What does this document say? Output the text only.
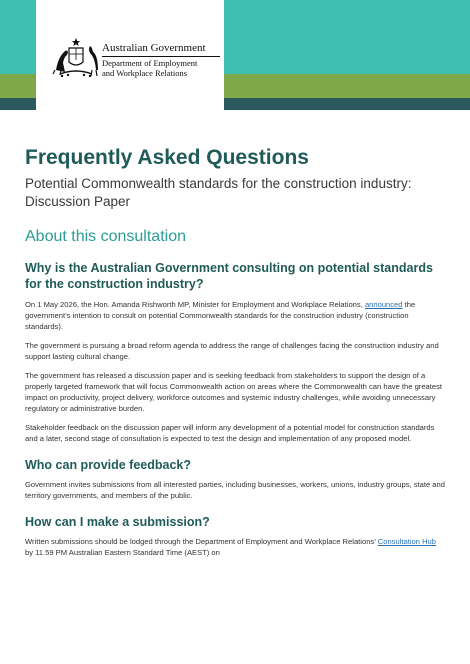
Australian Government
Department of Employment
and Workplace Relations
Frequently Asked Questions
Potential Commonwealth standards for the construction industry: Discussion Paper
About this consultation
Why is the Australian Government consulting on potential standards for the construction industry?

On 1 May 2026, the Hon. Amanda Rishworth MP, Minister for Employment and Workplace Relations, announced the government’s intention to consult on potential Commonwealth standards for the construction industry (construction standards).

The government is pursuing a broad reform agenda to address the range of challenges facing the construction industry and support lasting cultural change.

The government has released a discussion paper and is seeking feedback from stakeholders to support the design of a properly targeted framework that will focus Commonwealth action on areas where the Commonwealth can have the greatest impact on productivity, project delivery, workforce outcomes and systemic industry challenges, while avoiding unnecessary regulatory or administrative burden.

Stakeholder feedback on the discussion paper will inform any development of a potential model for construction standards and a later, second stage of consultation is expected to test the design and implementation of any proposed model.

Who can provide feedback?

Government invites submissions from all interested parties, including businesses, workers, unions, industry groups, state and territory governments, and members of the public.

How can I make a submission?

Written submissions should be lodged through the Department of Employment and Workplace Relations’ Consultation Hub by 11.59 PM Australian Eastern Standard Time (AEST) on
